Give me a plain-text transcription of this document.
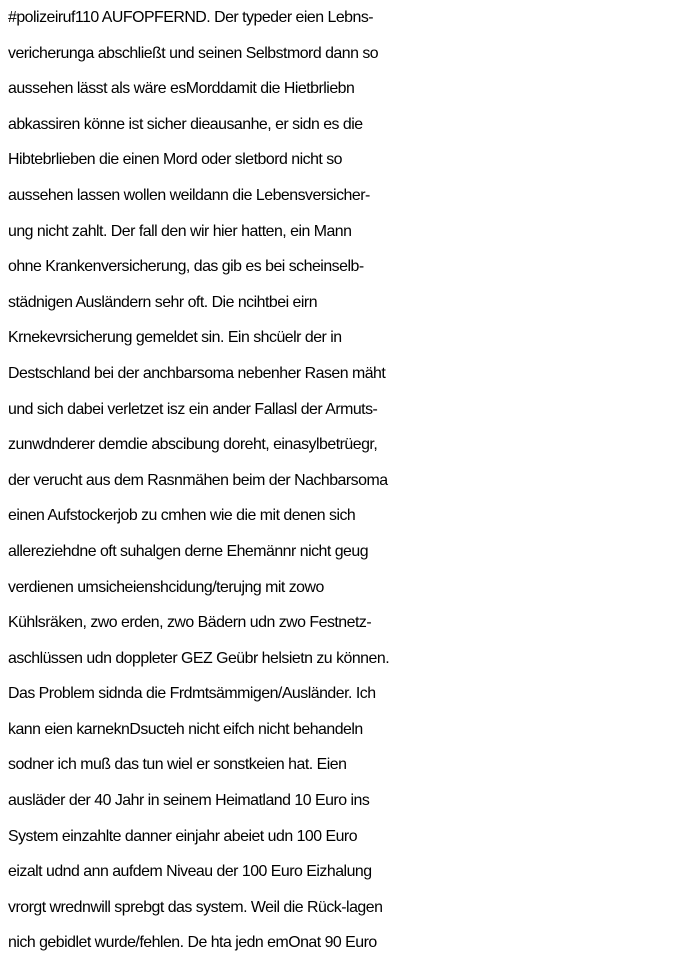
#polizeiruf110 AUFOPFERND. Der typeder eien Lebns-
vericherunga abschließt und seinen Selbstmord dann so
aussehen lässt als wäre esMorddamit die Hietbrliebn
abkassiren könne ist sicher dieausanhe, er sidn es die
Hibtebrlieben die einen Mord oder sletbord nicht so
aussehen lassen wollen weildann die Lebensversicher-
ung nicht zahlt. Der fall den wir hier hatten, ein Mann
ohne Krankenversicherung, das gib es bei scheinselb-
städnigen Ausländern sehr oft. Die ncihtbei eirn
Krnekevrsicherung gemeldet sin. Ein shcüelr der in
Destschland bei der anchbarsoma nebenher Rasen mäht
und sich dabei verletzet isz ein ander Fallasl der Armuts-
zunwdnderer demdie abscibung doreht, einasylbetrüegr,
der verucht aus dem Rasnmähen beim der Nachbarsoma
einen Aufstockerjob zu cmhen wie die mit denen sich
allereziehdne oft suhalgen derne Ehemännr nicht geug
verdienen umsicheienshcidung/terujng mit zowo
Kühlsräken, zwo erden, zwo Bädern udn zwo Festnetz-
aschlüssen udn doppleter GEZ Geübr helsietn zu können.
Das Problem sidnda die Frdmtsämmigen/Ausländer. Ich
kann eien karneknDsucteh nicht eifch nicht behandeln
sodner ich muß das tun wiel er sonstkeien hat. Eien
ausläder der 40 Jahr in seinem Heimatland 10 Euro ins
System einzahlte danner einjahr abeiet udn 100 Euro
eizalt udnd ann aufdem Niveau der 100 Euro Eizhalung
vrorgt wrednwill sprebgt das system. Weil die Rück-lagen
nich gebidlet wurde/fehlen. De hta jedn emOnat 90 Euro
